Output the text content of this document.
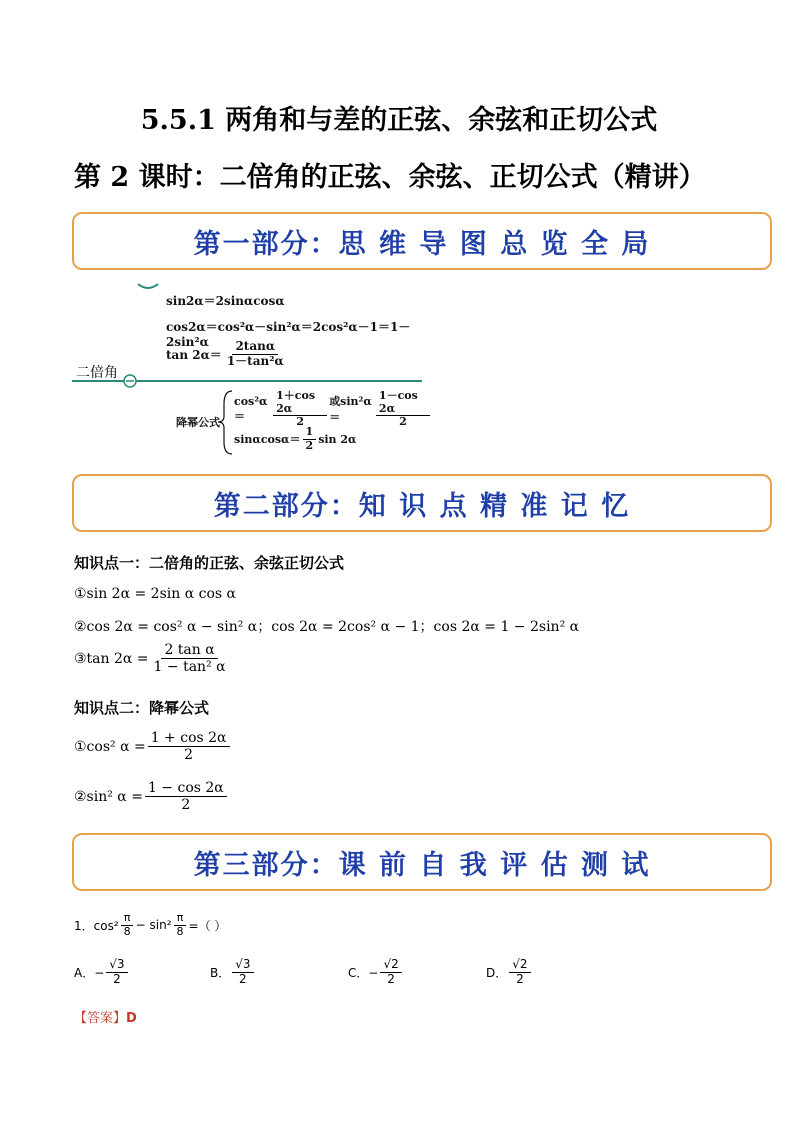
5.5.1 两角和与差的正弦、余弦和正切公式
第 2 课时：二倍角的正弦、余弦、正切公式（精讲）
第一部分：思 维 导 图 总 览 全 局
二倍角
sin2α＝2sinαcosα
cos2α＝cos²α－sin²α＝2cos²α－1＝1－2sin²α
$\tan 2\alpha= \frac{2\tan\alpha}{\text{1－tan²α}}$
降幂公式
cos²α＝	$\frac{1+\cos 2\alpha}{2}$ 或sin²α＝	$\frac{1-\cos 2\alpha}{2}$
$\sin\alpha\cos\alpha= \frac{1}{2}$ sin 2α
第二部分：知 识 点 精 准 记 忆
知识点一：二倍角的正弦、余弦正切公式
①sin 2α = 2sin α cos α
②cos 2α = cos² α − sin² α；cos 2α = 2cos² α − 1；cos 2α = 1 − 2sin² α
③tan $2\alpha = \frac{\text{2 tan α}}{\text{1 − tan² α}}$
知识点二：降幂公式
①cos² $\alpha = \frac{1 + \cos 2\alpha}{2}$
②sin² $\alpha = \frac{1 - \cos 2\alpha}{2}$
第三部分：课 前 自 我 评 估 测 试
1．$\cos^2 \frac{\pi}{8} - \sin^2 \frac{\pi}{8}$ =（ ）
A．− $\frac{√3}{2}$	B． $\frac{√3}{2}$	C．− $\frac{√2}{2}$	D． $\frac{√2}{2}$
【答案】D
